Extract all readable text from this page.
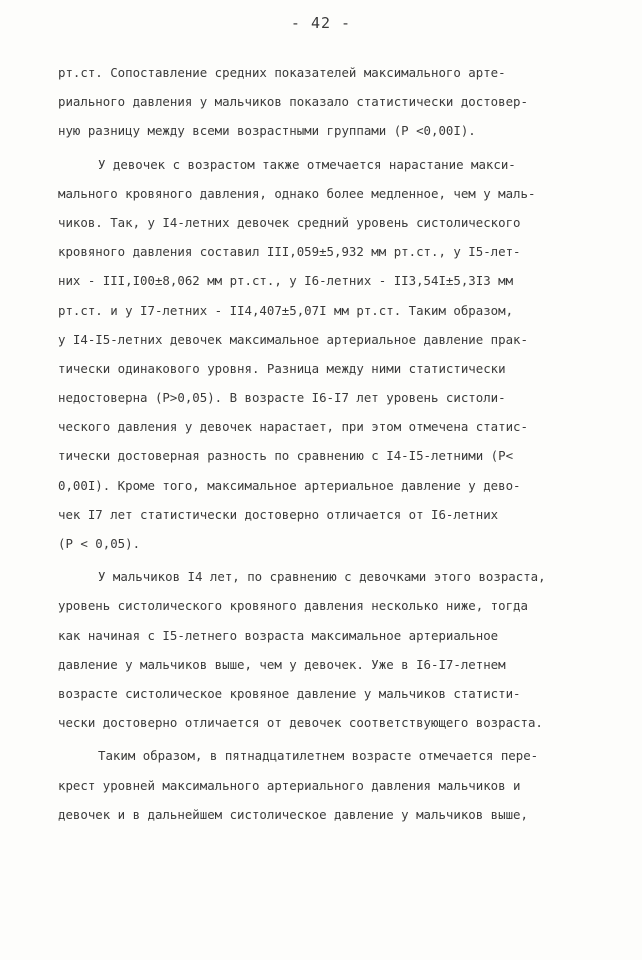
- 42 -
рт.ст. Сопоставление средних показателей максимального арте-
риального давления у мальчиков показало статистически достовер-
ную разницу между всеми возрастными группами (P <0,00I).
У девочек с возрастом также отмечается нарастание макси-
мального кровяного давления, однако более медленное, чем у маль-
чиков. Так, у I4-летних девочек средний уровень систолического
кровяного давления составил III,059±5,932 мм рт.ст., у I5-лет-
них - III,I00±8,062 мм рт.ст., у I6-летних - II3,54I±5,3I3 мм
рт.ст. и у I7-летних - II4,407±5,07I мм рт.ст. Таким образом,
у I4-I5-летних девочек максимальное артериальное давление прак-
тически одинакового уровня. Разница между ними статистически
недостоверна (P>0,05). В возрасте I6-I7 лет уровень систоли-
ческого давления у девочек нарастает, при этом отмечена статис-
тически достоверная разность по сравнению с I4-I5-летними (P<
0,00I). Кроме того, максимальное артериальное давление у дево-
чек I7 лет статистически достоверно отличается от I6-летних
(P < 0,05).
У мальчиков I4 лет, по сравнению с девочками этого возраста,
уровень систолического кровяного давления несколько ниже, тогда
как начиная с I5-летнего возраста максимальное артериальное
давление у мальчиков выше, чем у девочек. Уже в I6-I7-летнем
возрасте систолическое кровяное давление у мальчиков статисти-
чески достоверно отличается от девочек соответствующего возраста.
Таким образом, в пятнадцатилетнем возрасте отмечается пере-
крест уровней максимального артериального давления мальчиков и
девочек и в дальнейшем систолическое давление у мальчиков выше,
